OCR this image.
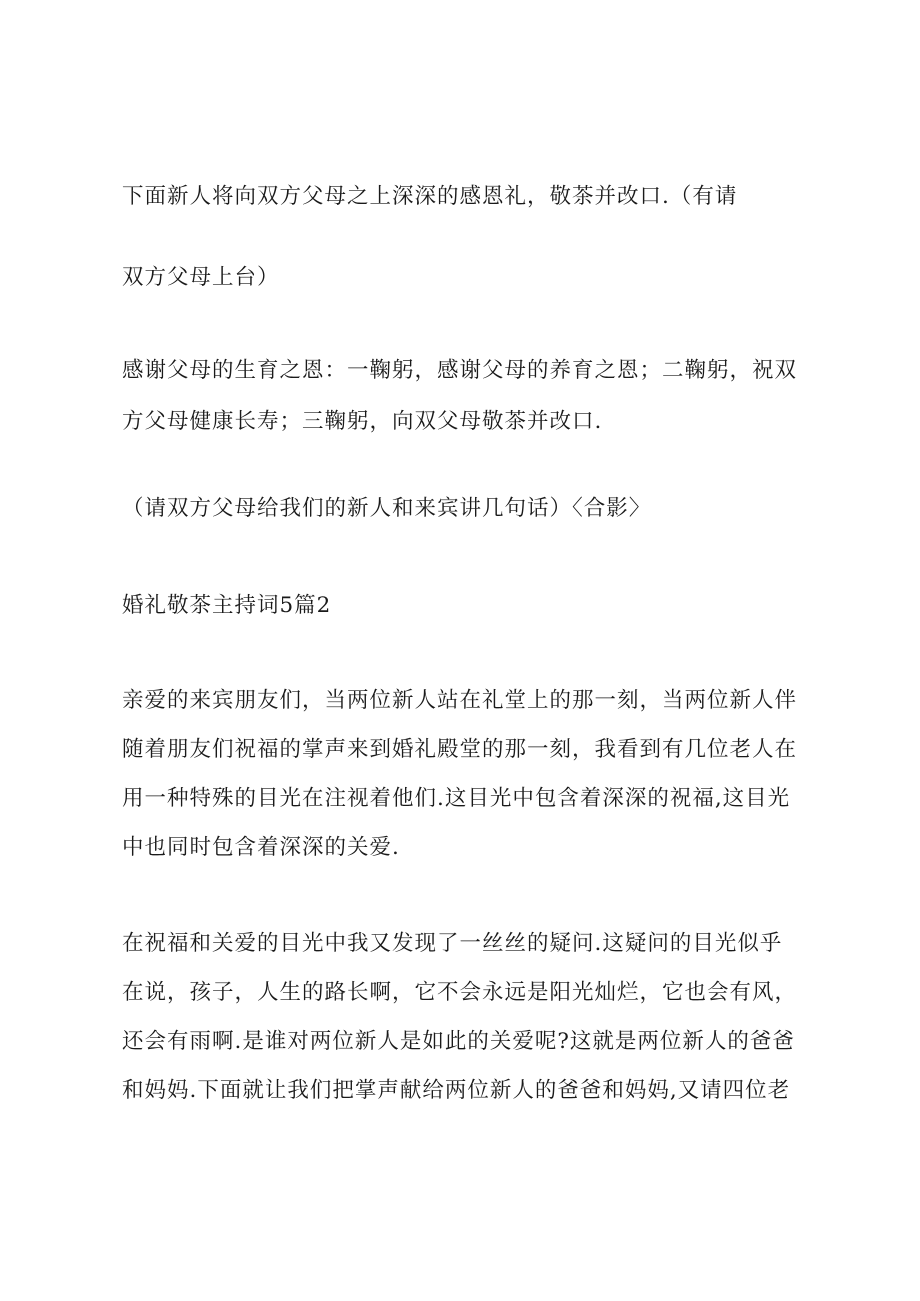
下面新人将向双方父母之上深深的感恩礼，敬茶并改口.（有请
双方父母上台）
感谢父母的生育之恩：一鞠躬，感谢父母的养育之恩；二鞠躬，祝双
方父母健康长寿；三鞠躬，向双父母敬茶并改口.
（请双方父母给我们的新人和来宾讲几句话）〈合影〉
婚礼敬茶主持词5篇2
亲爱的来宾朋友们，当两位新人站在礼堂上的那一刻，当两位新人伴
随着朋友们祝福的掌声来到婚礼殿堂的那一刻，我看到有几位老人在
用一种特殊的目光在注视着他们.这目光中包含着深深的祝福,这目光
中也同时包含着深深的关爱.
在祝福和关爱的目光中我又发现了一丝丝的疑问.这疑问的目光似乎
在说，孩子，人生的路长啊，它不会永远是阳光灿烂，它也会有风，
还会有雨啊.是谁对两位新人是如此的关爱呢?这就是两位新人的爸爸
和妈妈.下面就让我们把掌声献给两位新人的爸爸和妈妈,又请四位老
